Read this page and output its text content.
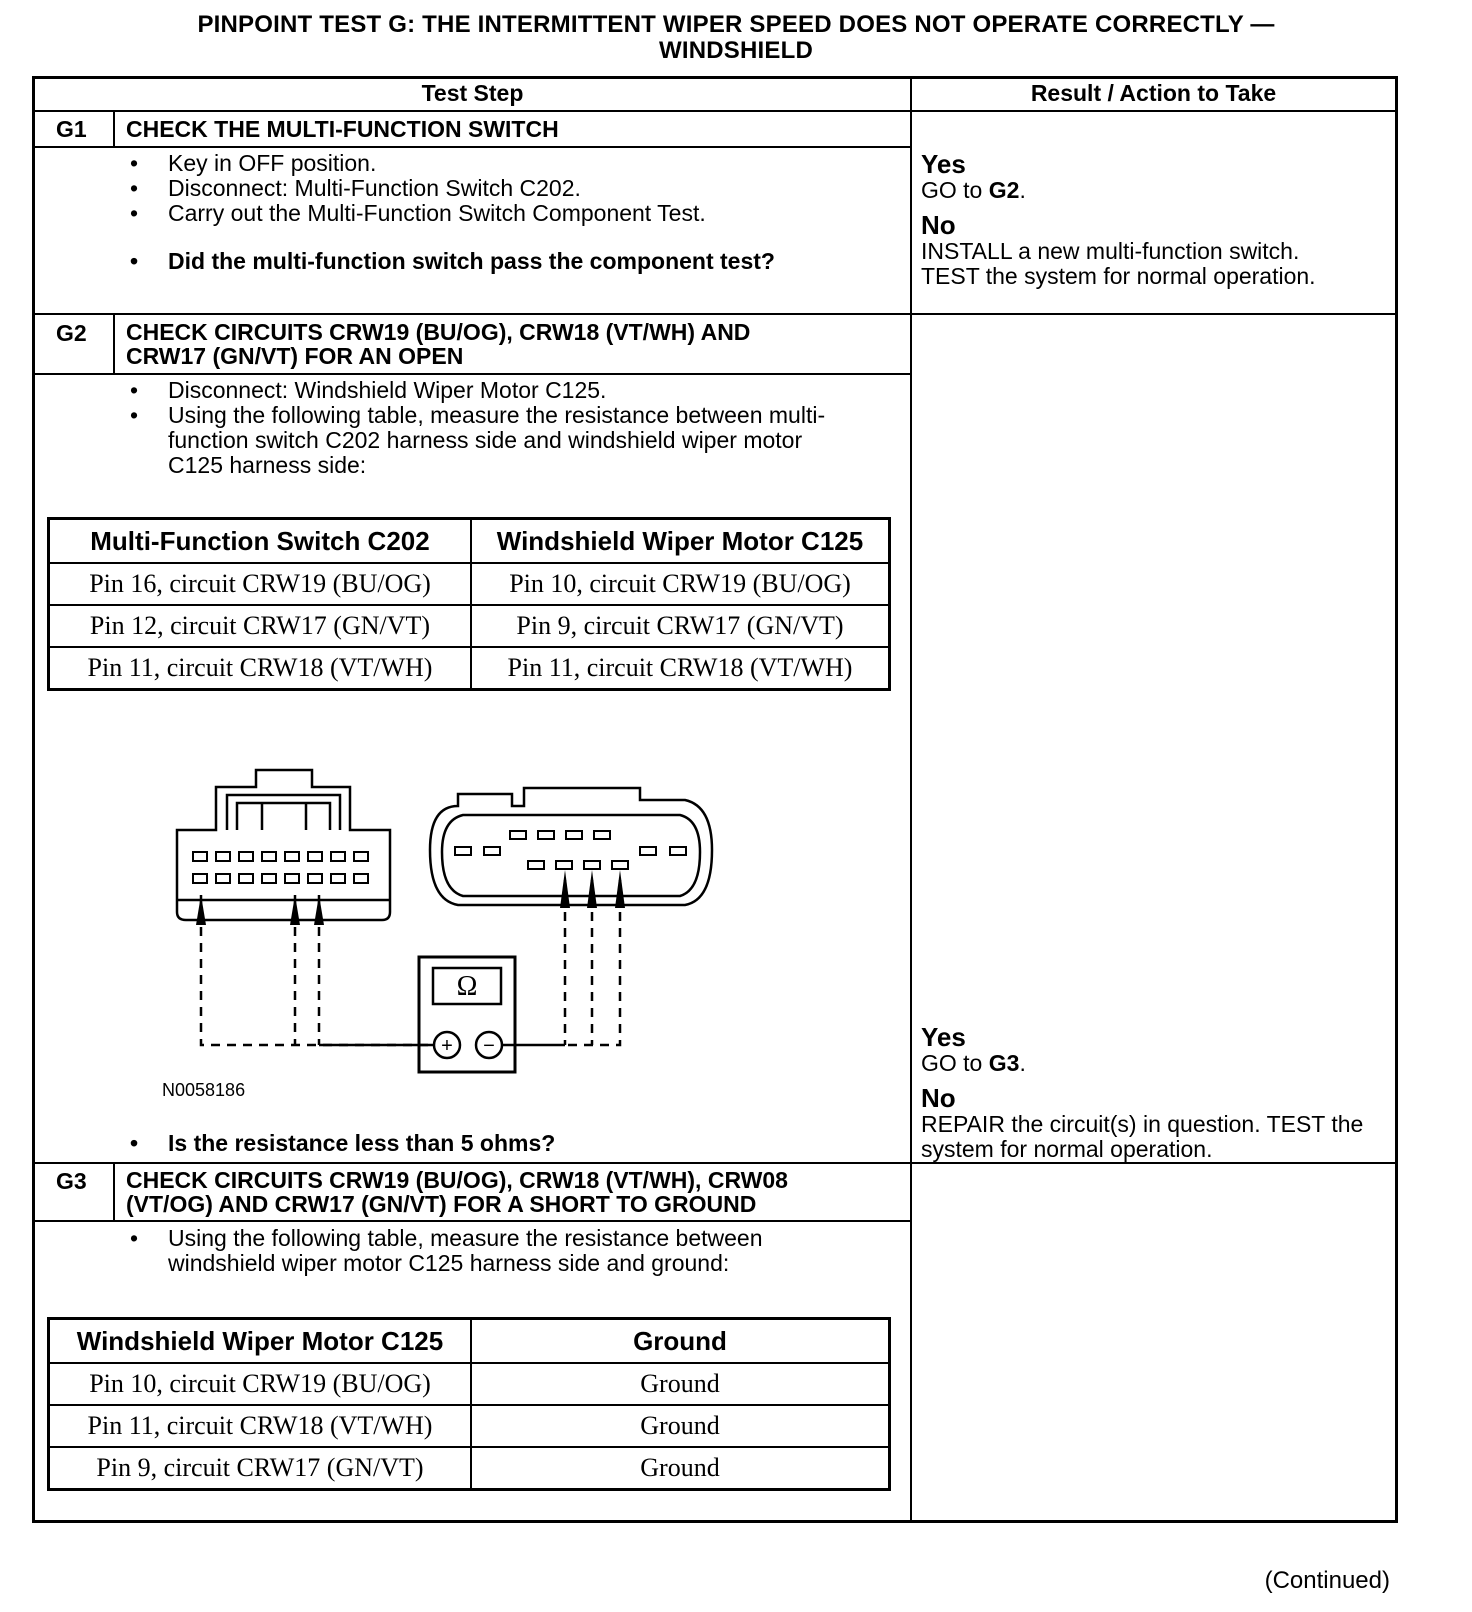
PINPOINT TEST G: THE INTERMITTENT WIPER SPEED DOES NOT OPERATE CORRECTLY —
WINDSHIELD
Test Step	Result / Action to Take
G1 CHECK THE MULTI-FUNCTION SWITCH
• Key in OFF position.
• Disconnect: Multi-Function Switch C202.
• Carry out the Multi-Function Switch Component Test.
• Did the multi-function switch pass the component test?
Yes
GO to G2.
No
INSTALL a new multi-function switch. TEST the system for normal operation.
G2 CHECK CIRCUITS CRW19 (BU/OG), CRW18 (VT/WH) AND
CRW17 (GN/VT) FOR AN OPEN
• Disconnect: Windshield Wiper Motor C125.
• Using the following table, measure the resistance between multi-function switch C202 harness side and windshield wiper motor C125 harness side:
Multi-Function Switch C202	Windshield Wiper Motor C125
Pin 16, circuit CRW19 (BU/OG)	Pin 10, circuit CRW19 (BU/OG)
Pin 12, circuit CRW17 (GN/VT)	Pin 9, circuit CRW17 (GN/VT)
Pin 11, circuit CRW18 (VT/WH)	Pin 11, circuit CRW18 (VT/WH)
Ω
+ −
N0058186
• Is the resistance less than 5 ohms?
Yes
GO to G3.
No
REPAIR the circuit(s) in question. TEST the system for normal operation.
G3 CHECK CIRCUITS CRW19 (BU/OG), CRW18 (VT/WH), CRW08
(VT/OG) AND CRW17 (GN/VT) FOR A SHORT TO GROUND
• Using the following table, measure the resistance between windshield wiper motor C125 harness side and ground:
Windshield Wiper Motor C125	Ground
Pin 10, circuit CRW19 (BU/OG)	Ground
Pin 11, circuit CRW18 (VT/WH)	Ground
Pin 9, circuit CRW17 (GN/VT)	Ground
(Continued)
